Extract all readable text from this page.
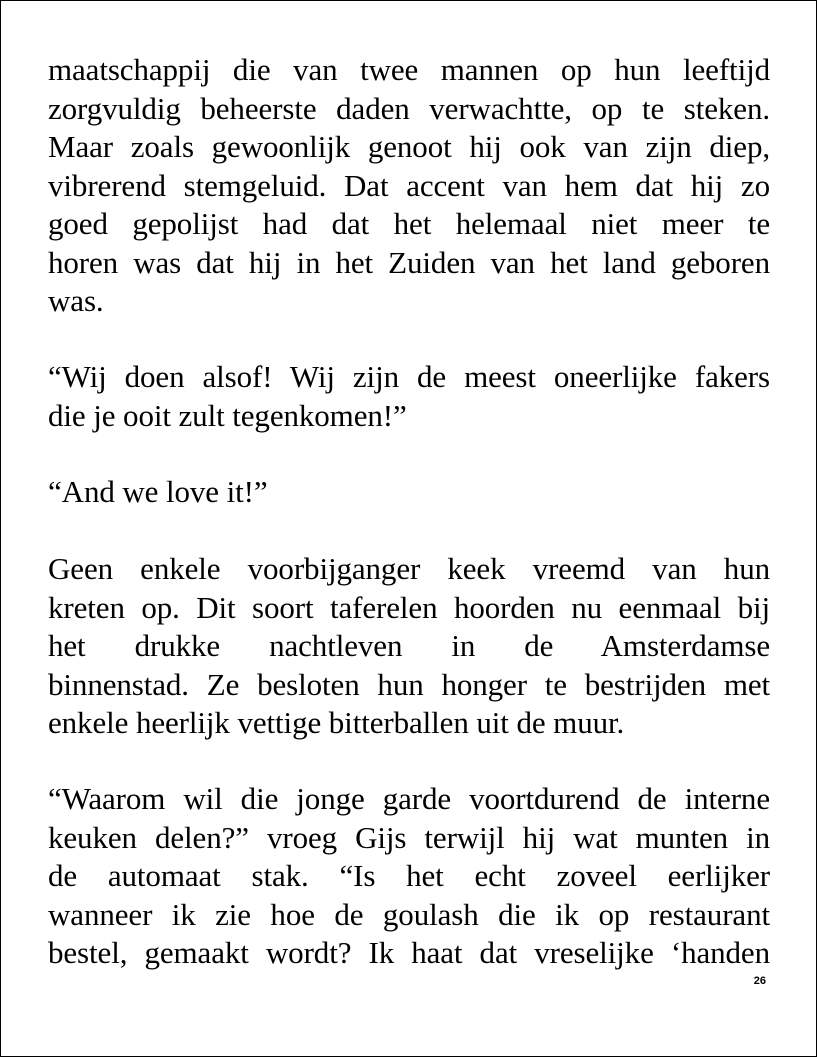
maatschappij die van twee mannen op hun leeftijd
zorgvuldig beheerste daden verwachtte, op te steken.
Maar zoals gewoonlijk genoot hij ook van zijn diep,
vibrerend stemgeluid. Dat accent van hem dat hij zo
goed gepolijst had dat het helemaal niet meer te
horen was dat hij in het Zuiden van het land geboren
was.

“Wij doen alsof! Wij zijn de meest oneerlijke fakers
die je ooit zult tegenkomen!”

“And we love it!”

Geen enkele voorbijganger keek vreemd van hun
kreten op. Dit soort taferelen hoorden nu eenmaal bij
het drukke nachtleven in de Amsterdamse
binnenstad. Ze besloten hun honger te bestrijden met
enkele heerlijk vettige bitterballen uit de muur.

“Waarom wil die jonge garde voortdurend de interne
keuken delen?” vroeg Gijs terwijl hij wat munten in
de automaat stak. “Is het echt zoveel eerlijker
wanneer ik zie hoe de goulash die ik op restaurant
bestel, gemaakt wordt? Ik haat dat vreselijke ‘handen

26
